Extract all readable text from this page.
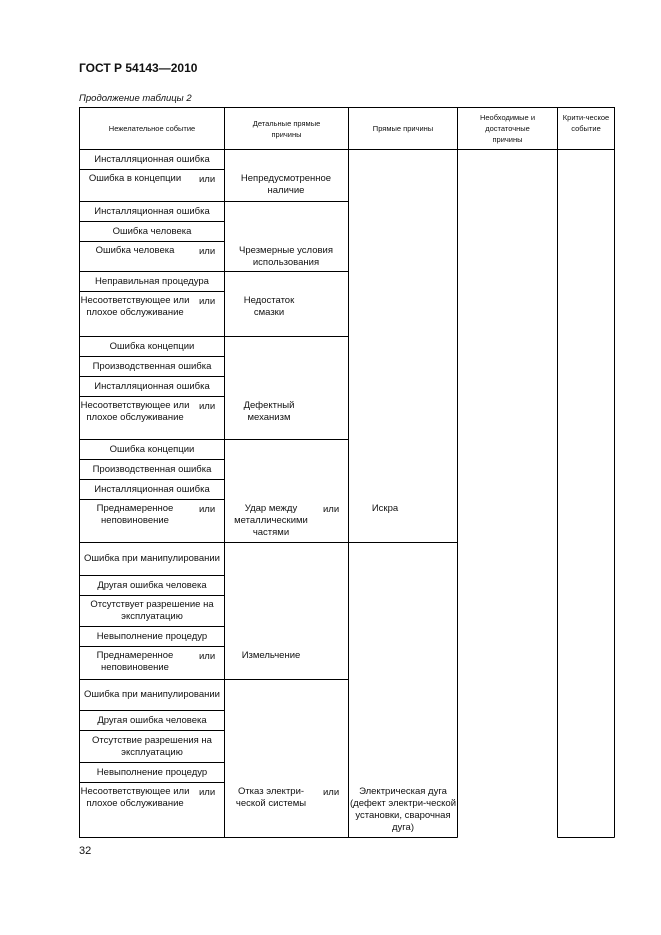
ГОСТ Р 54143—2010
Продолжение таблицы 2
32
Нежелательное событие
Детальные прямые причины
Прямые причины
Необходимые и достаточные причины
Крити-ческое событие
Инсталляционная ошибка
Ошибка в концепции
Инсталляционная ошибка
Ошибка человека
Ошибка человека
Неправильная процедура
Несоответствующее или плохое обслуживание
Ошибка концепции
Производственная ошибка
Инсталляционная ошибка
Несоответствующее или плохое обслуживание
Ошибка концепции
Производственная ошибка
Инсталляционная ошибка
Преднамеренное неповиновение
Ошибка при манипулировании
Другая ошибка человека
Отсутствует разрешение на эксплуатацию
Невыполнение процедур
Преднамеренное неповиновение
Ошибка при манипулировании
Другая ошибка человека
Отсутствие разрешения на эксплуатацию
Невыполнение процедур
Несоответствующее или плохое обслуживание
или
или
или
или
или
или
или
или
или
Непредусмотренное наличие
Чрезмерные условия использования
Недостаток смазки
Дефектный механизм
Удар между металлическими частями
Измельчение
Отказ электри-ческой системы
Искра
Электрическая дуга (дефект электри-ческой установки, сварочная дуга)
